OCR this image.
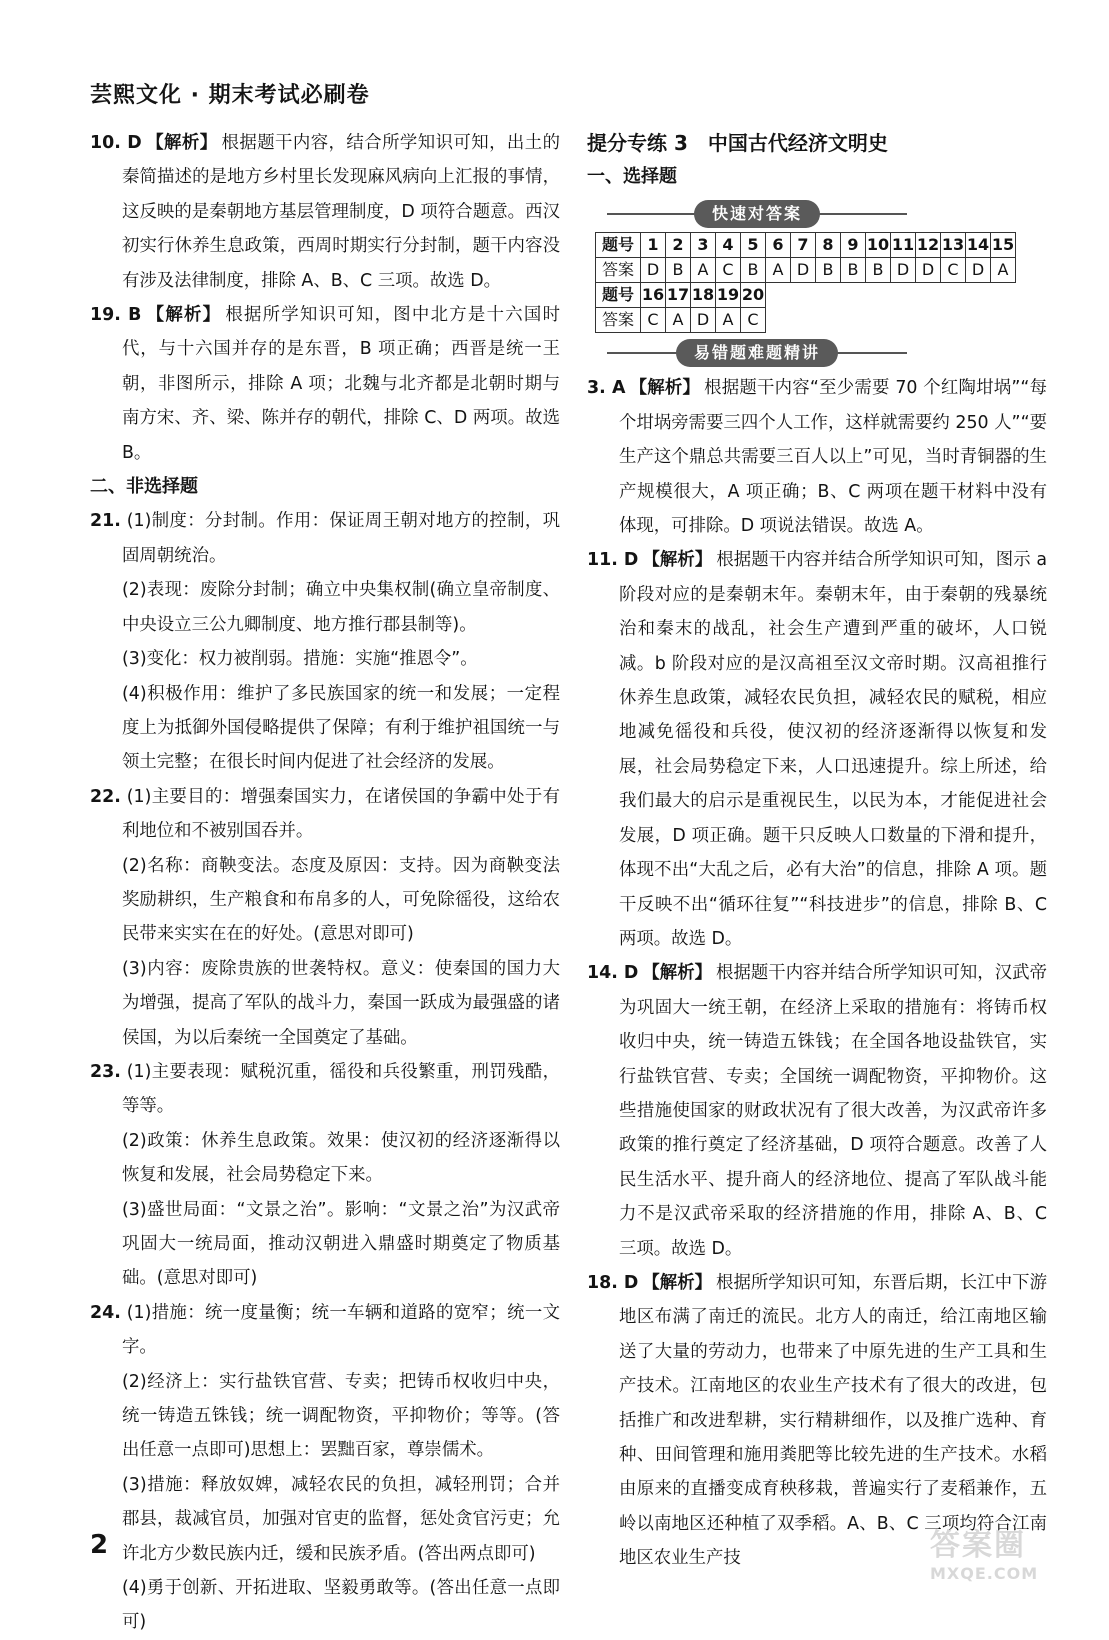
芸熙文化 · 期末考试必刷卷

10. D 【解析】 根据题干内容，结合所学知识可知，出土的秦简描述的是地方乡村里长发现麻风病向上汇报的事情，这反映的是秦朝地方基层管理制度，D 项符合题意。西汉初实行休养生息政策，西周时期实行分封制，题干内容没有涉及法律制度，排除 A、B、C 三项。故选 D。

19. B 【解析】 根据所学知识可知，图中北方是十六国时代，与十六国并存的是东晋，B 项正确；西晋是统一王朝，非图所示，排除 A 项；北魏与北齐都是北朝时期与南方宋、齐、梁、陈并存的朝代，排除 C、D 两项。故选 B。

二、非选择题

21. (1)制度：分封制。作用：保证周王朝对地方的控制，巩固周朝统治。

(2)表现：废除分封制；确立中央集权制(确立皇帝制度、中央设立三公九卿制度、地方推行郡县制等)。

(3)变化：权力被削弱。措施：实施“推恩令”。

(4)积极作用：维护了多民族国家的统一和发展；一定程度上为抵御外国侵略提供了保障；有利于维护祖国统一与领土完整；在很长时间内促进了社会经济的发展。

22. (1)主要目的：增强秦国实力，在诸侯国的争霸中处于有利地位和不被别国吞并。

(2)名称：商鞅变法。态度及原因：支持。因为商鞅变法奖励耕织，生产粮食和布帛多的人，可免除徭役，这给农民带来实实在在的好处。(意思对即可)

(3)内容：废除贵族的世袭特权。意义：使秦国的国力大为增强，提高了军队的战斗力，秦国一跃成为最强盛的诸侯国，为以后秦统一全国奠定了基础。

23. (1)主要表现：赋税沉重，徭役和兵役繁重，刑罚残酷，等等。

(2)政策：休养生息政策。效果：使汉初的经济逐渐得以恢复和发展，社会局势稳定下来。

(3)盛世局面：“文景之治”。影响：“文景之治”为汉武帝巩固大一统局面，推动汉朝进入鼎盛时期奠定了物质基础。(意思对即可)

24. (1)措施：统一度量衡；统一车辆和道路的宽窄；统一文字。

(2)经济上：实行盐铁官营、专卖；把铸币权收归中央，统一铸造五铢钱；统一调配物资，平抑物价；等等。(答出任意一点即可)思想上：罢黜百家，尊崇儒术。

(3)措施：释放奴婢，减轻农民的负担，减轻刑罚；合并郡县，裁减官员，加强对官吏的监督，惩处贪官污吏；允许北方少数民族内迁，缓和民族矛盾。(答出两点即可)

(4)勇于创新、开拓进取、坚毅勇敢等。(答出任意一点即可)

提分专练 3　中国古代经济文明史

一、选择题

快速对答案
题号	1	2	3	4	5	6	7	8	9	10	11	12	13	14	15
答案	D	B	A	C	B	A	D	B	B	B	D	D	C	D	A
题号	16	17	18	19	20										
答案	C	A	D	A	C										
易错题难题精讲

3. A 【解析】 根据题干内容“至少需要 70 个红陶坩埚”“每个坩埚旁需要三四个人工作，这样就需要约 250 人”“要生产这个鼎总共需要三百人以上”可见，当时青铜器的生产规模很大，A 项正确；B、C 两项在题干材料中没有体现，可排除。D 项说法错误。故选 A。

11. D 【解析】 根据题干内容并结合所学知识可知，图示 a 阶段对应的是秦朝末年。秦朝末年，由于秦朝的残暴统治和秦末的战乱，社会生产遭到严重的破坏，人口锐减。b 阶段对应的是汉高祖至汉文帝时期。汉高祖推行休养生息政策，减轻农民负担，减轻农民的赋税，相应地减免徭役和兵役，使汉初的经济逐渐得以恢复和发展，社会局势稳定下来，人口迅速提升。综上所述，给我们最大的启示是重视民生，以民为本，才能促进社会发展，D 项正确。题干只反映人口数量的下滑和提升，体现不出“大乱之后，必有大治”的信息，排除 A 项。题干反映不出“循环往复”“科技进步”的信息，排除 B、C 两项。故选 D。

14. D 【解析】 根据题干内容并结合所学知识可知，汉武帝为巩固大一统王朝，在经济上采取的措施有：将铸币权收归中央，统一铸造五铢钱；在全国各地设盐铁官，实行盐铁官营、专卖；全国统一调配物资，平抑物价。这些措施使国家的财政状况有了很大改善，为汉武帝许多政策的推行奠定了经济基础，D 项符合题意。改善了人民生活水平、提升商人的经济地位、提高了军队战斗能力不是汉武帝采取的经济措施的作用，排除 A、B、C 三项。故选 D。

18. D 【解析】 根据所学知识可知，东晋后期，长江中下游地区布满了南迁的流民。北方人的南迁，给江南地区输送了大量的劳动力，也带来了中原先进的生产工具和生产技术。江南地区的农业生产技术有了很大的改进，包括推广和改进犁耕，实行精耕细作，以及推广选种、育种、田间管理和施用粪肥等比较先进的生产技术。水稻由原来的直播变成育秧移栽，普遍实行了麦稻兼作，五岭以南地区还种植了双季稻。A、B、C 三项均符合江南地区农业生产技

2	答案圈
MXQE.COM
